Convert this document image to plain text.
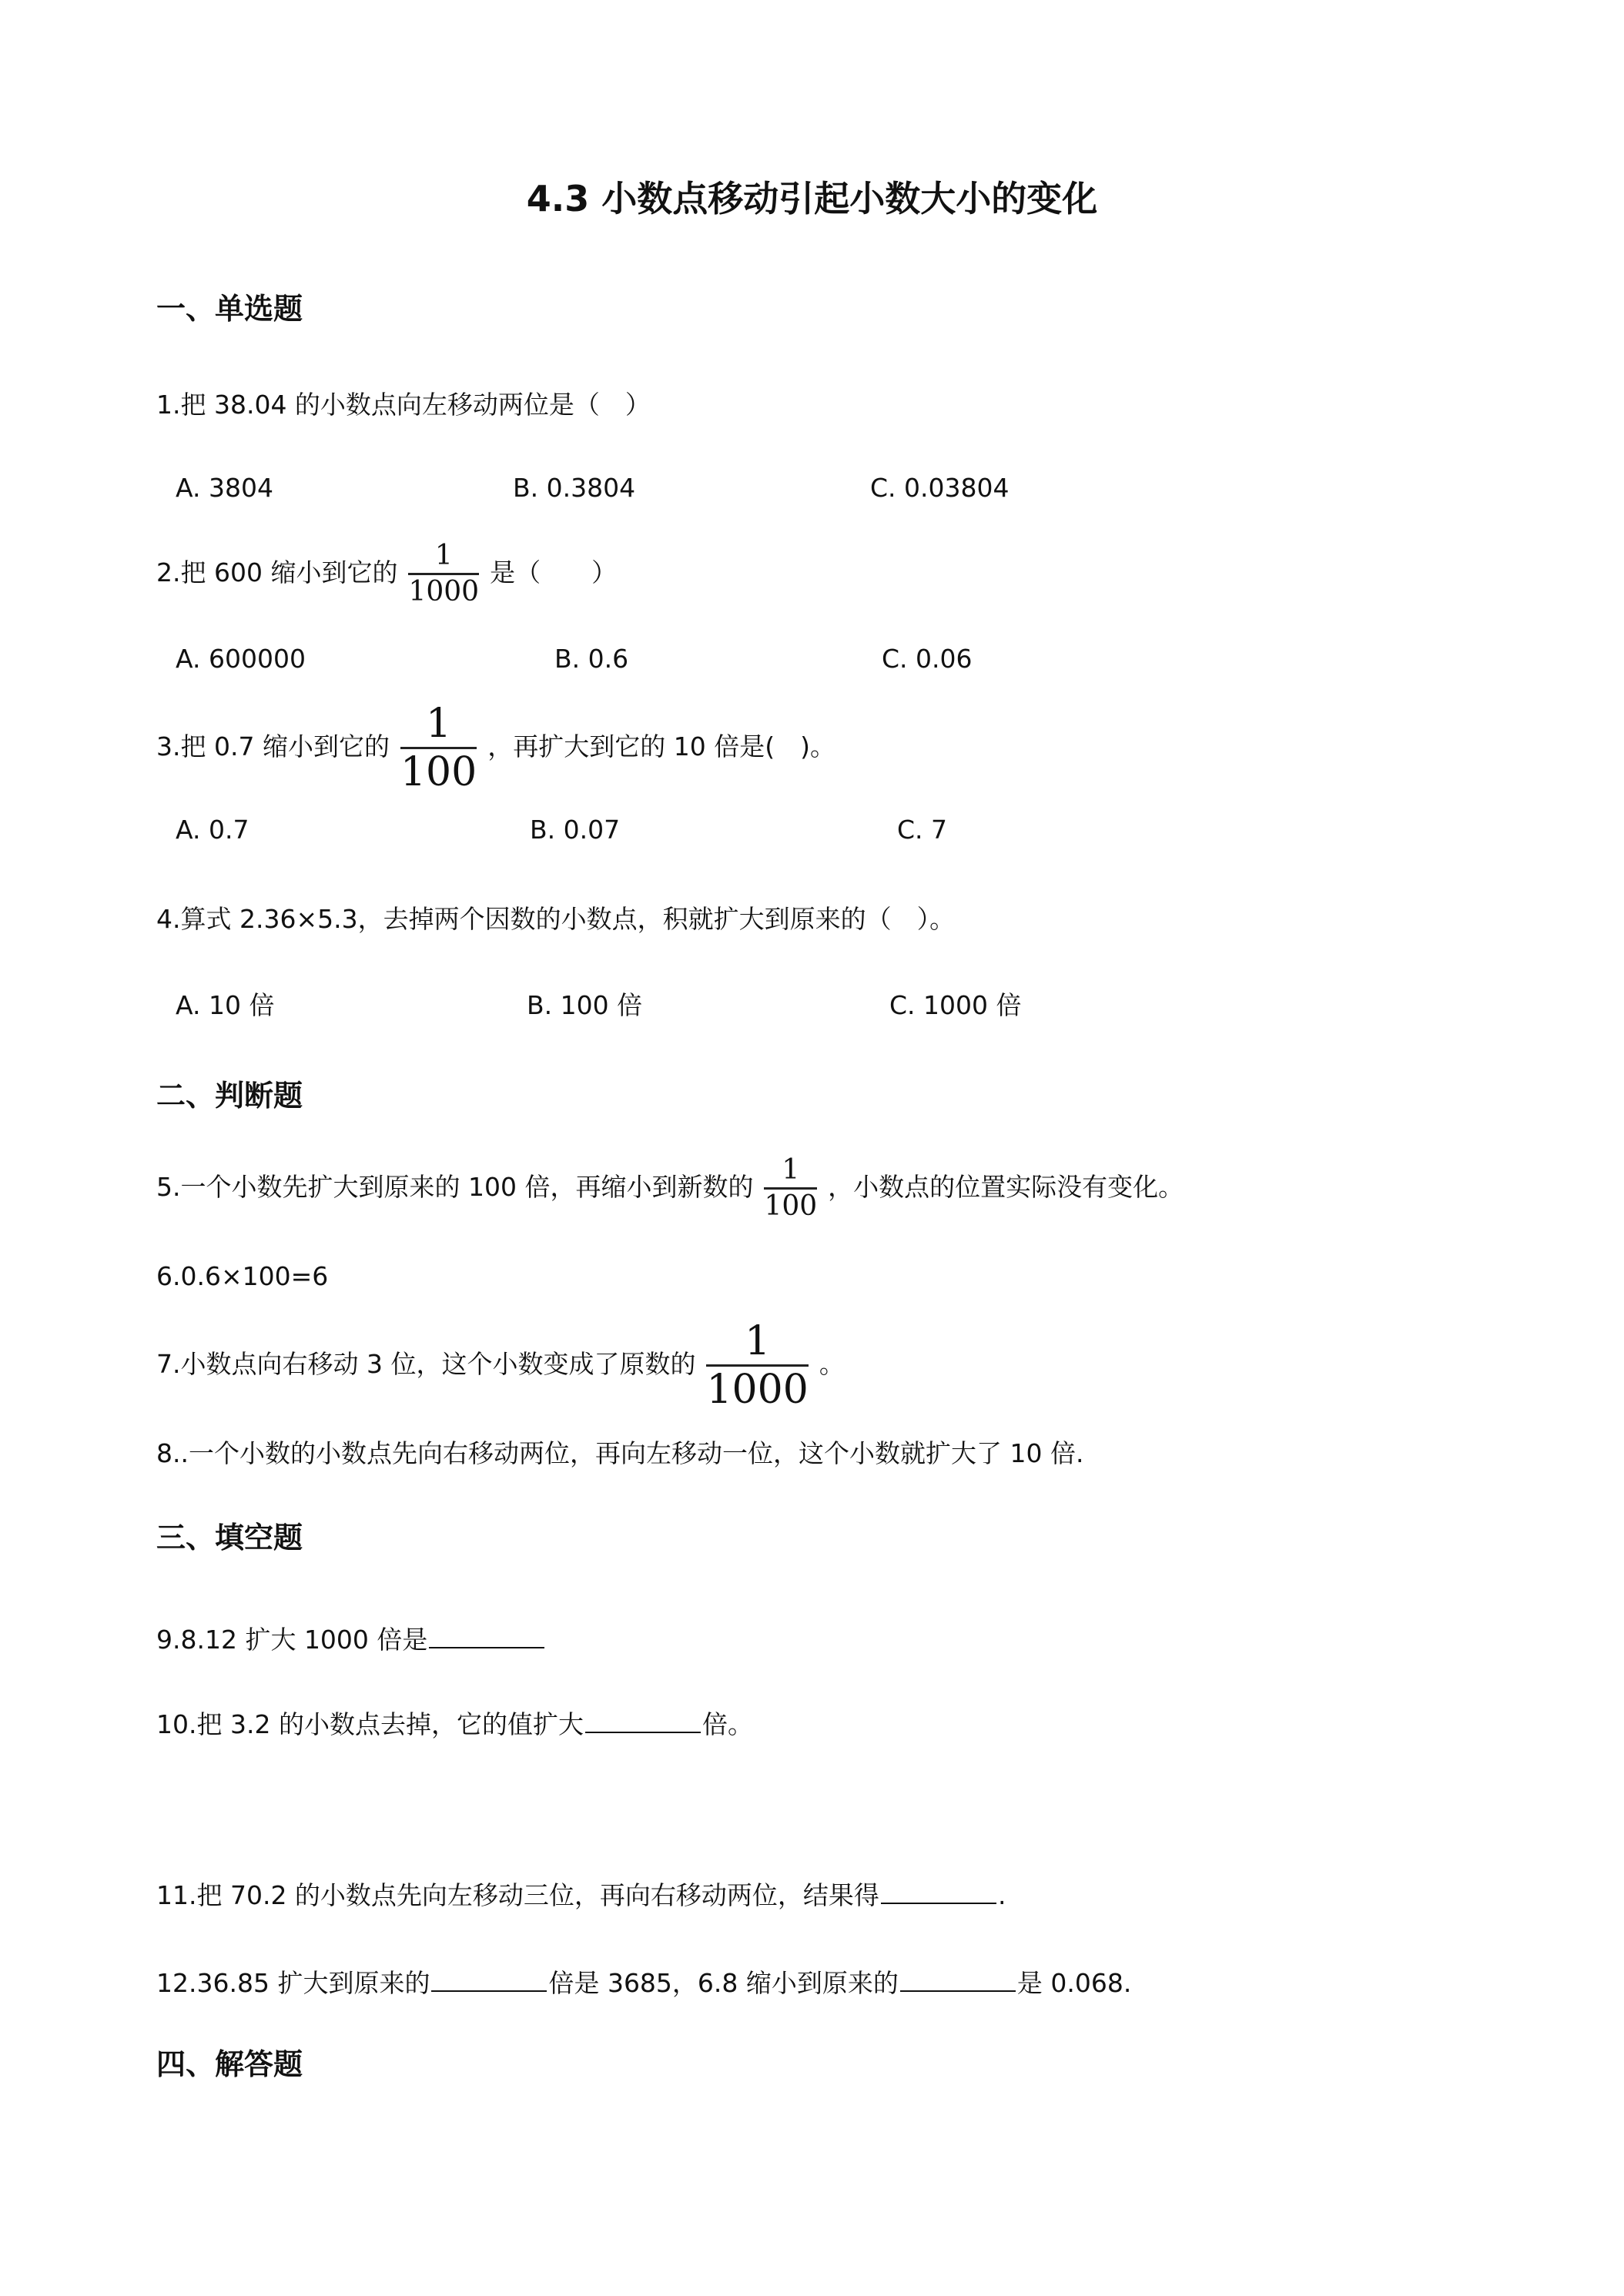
4.3 小数点移动引起小数大小的变化
一、单选题
1.把 38.04 的小数点向左移动两位是（　）
A. 3804	B. 0.3804	C. 0.03804
2.把 600 缩小到它的 $\frac{1}{1000}$ 是（　　）
A. 600000	B. 0.6	C. 0.06
3.把 0.7 缩小到它的 $\frac{1}{100}$ ，再扩大到它的 10 倍是(　)。
A. 0.7	B. 0.07	C. 7
4.算式 2.36×5.3，去掉两个因数的小数点，积就扩大到原来的（　）。
A. 10 倍	B. 100 倍	C. 1000 倍
二、判断题
5.一个小数先扩大到原来的 100 倍，再缩小到新数的 $\frac{1}{100}$ ，小数点的位置实际没有变化。
6.0.6×100=6
7.小数点向右移动 3 位，这个小数变成了原数的 $\frac{1}{1000}$ 。
8..一个小数的小数点先向右移动两位，再向左移动一位，这个小数就扩大了 10 倍.
三、填空题
9.8.12 扩大 1000 倍是
10.把 3.2 的小数点去掉，它的值扩大	倍。
11.把 70.2 的小数点先向左移动三位，再向右移动两位，结果得	.
12.36.85 扩大到原来的	倍是 3685，6.8 缩小到原来的	是 0.068.
四、解答题
